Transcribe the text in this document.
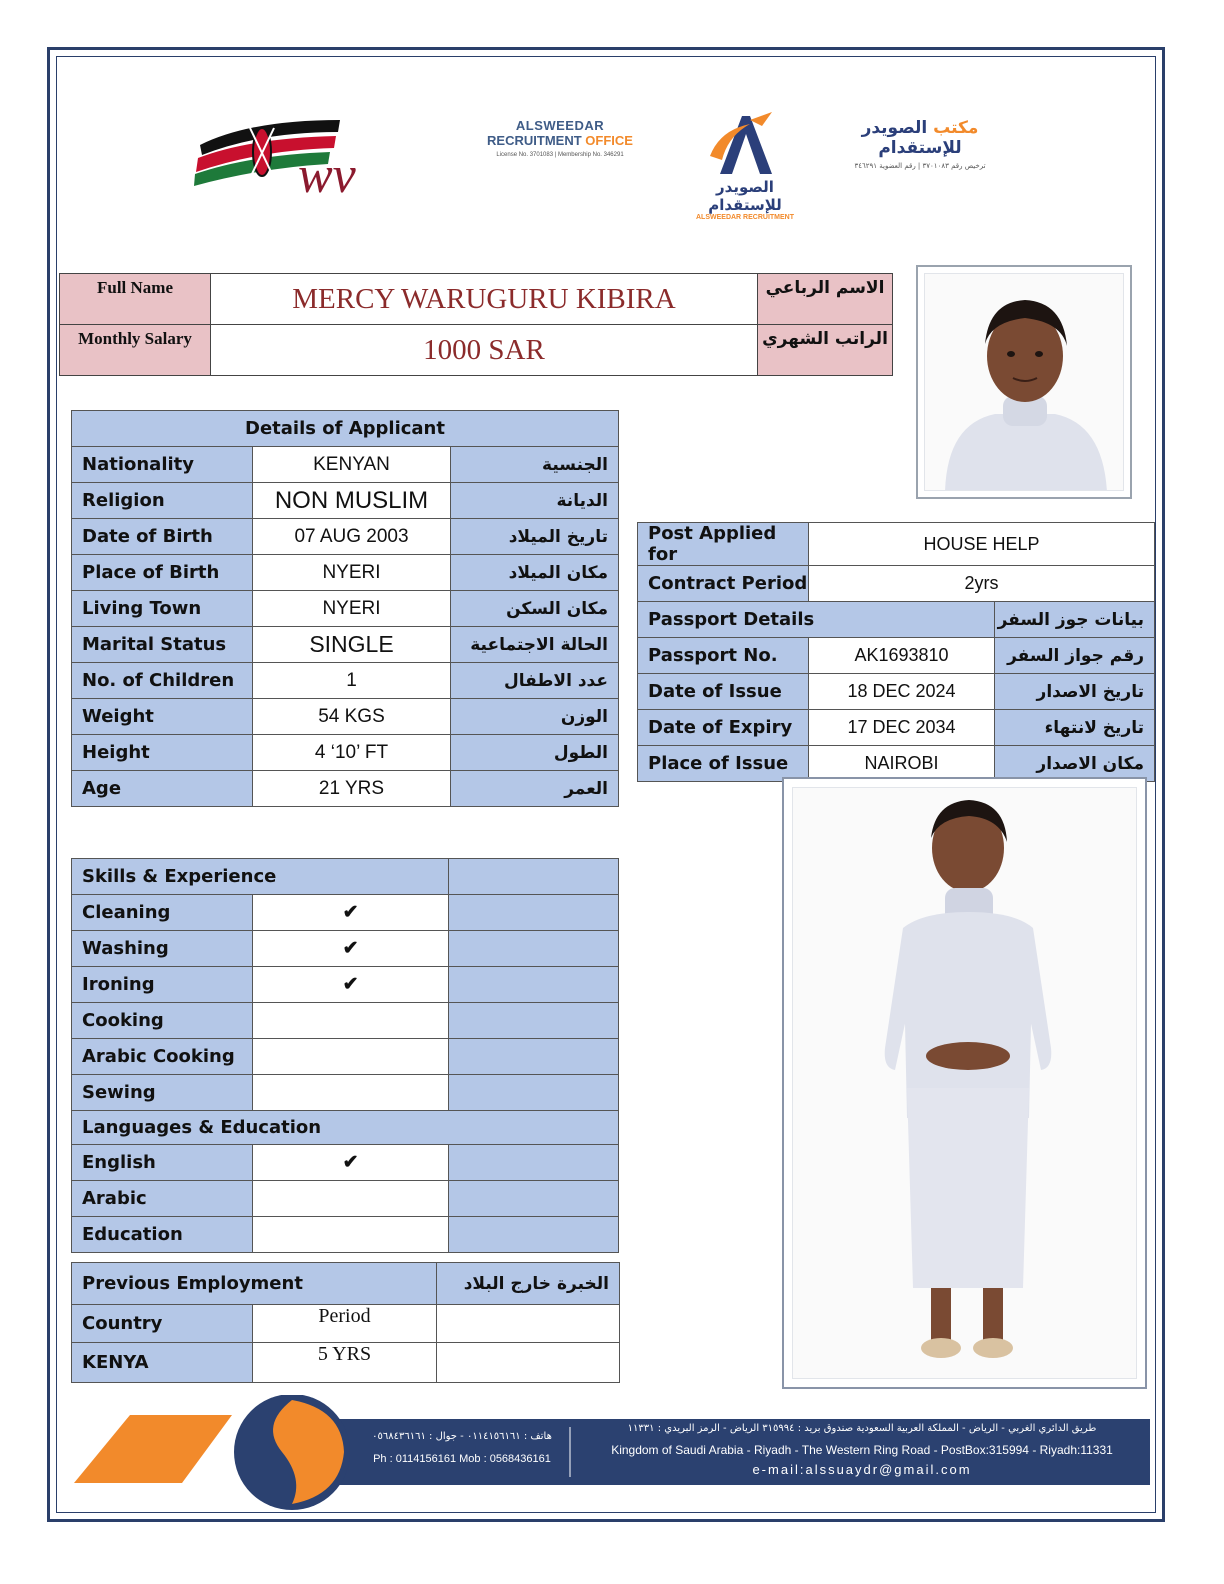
wv
ALSWEEDAR
RECRUITMENT OFFICE
License No. 3701083 | Membership No. 346291
الصويدر للإستقدام
ALSWEEDAR RECRUITMENT
مكتب الصويدر للإستقدام
ترخيص رقم ٣٧٠١٠٨٣ | رقم العضوية ٣٤٦٢٩١
Full Name	MERCY WARUGURU KIBIRA	الاسم الرباعي
Monthly Salary	1000 SAR	الراتب الشهري
Details of Applicant		
Nationality	KENYAN	الجنسية
Religion	NON MUSLIM	الديانة
Date of Birth	07 AUG 2003	تاريخ الميلاد
Place of Birth	NYERI	مكان الميلاد
Living Town	NYERI	مكان السكن
Marital Status	SINGLE	الحالة الاجتماعية
No. of Children	1	عدد الاطفال
Weight	54 KGS	الوزن
Height	4 ‘10’ FT	الطول
Age	21 YRS	العمر
Post Applied for	HOUSE HELP	
Contract Period	2yrs	
Passport Details		بيانات جوز السفر
Passport No.	AK1693810	رقم جواز السفر
Date of Issue	18 DEC 2024	تاريخ الاصدار
Date of Expiry	17 DEC 2034	تاريخ لانتهاء
Place of Issue	NAIROBI	مكان الاصدار
Skills & Experience		
Cleaning	✔	
Washing	✔	
Ironing	✔	
Cooking		
Arabic Cooking		
Sewing		
Languages & Education		
English	✔	
Arabic		
Education		
Previous Employment		الخبرة خارج البلاد
Country	Period	
KENYA	5 YRS	
هاتف : ٠١١٤١٥٦١٦١ - جوال : ٠٥٦٨٤٣٦١٦١
Ph : 0114156161 Mob : 0568436161
طريق الدائري الغربي - الرياض - المملكة العربية السعودية صندوق بريد : ٣١٥٩٩٤ الرياض - الرمز البريدي : ١١٣٣١
Kingdom of Saudi Arabia - Riyadh - The Western Ring Road - PostBox:315994 - Riyadh:11331
e-mail:alssuaydr@gmail.com
